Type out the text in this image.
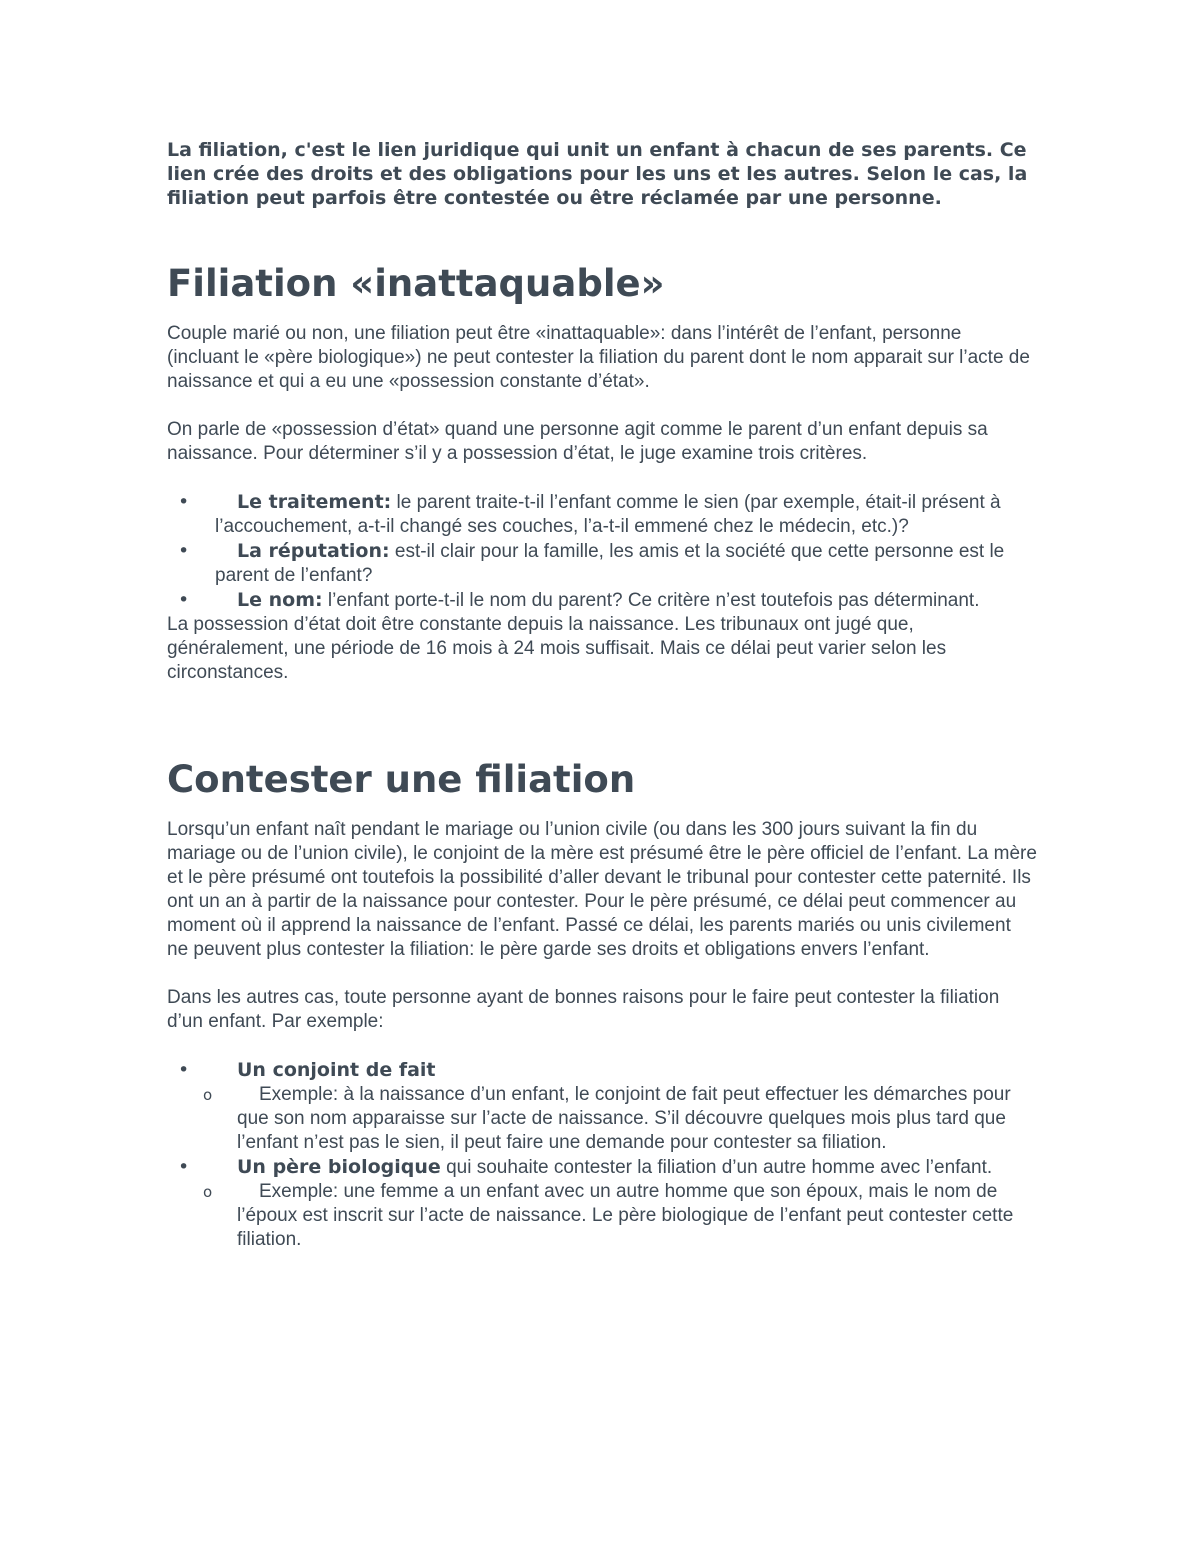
La filiation, c'est le lien juridique qui unit un enfant à chacun de ses parents. Ce lien crée des droits et des obligations pour les uns et les autres. Selon le cas, la filiation peut parfois être contestée ou être réclamée par une personne.

Filiation «inattaquable»

Couple marié ou non, une filiation peut être «inattaquable»: dans l’intérêt de l’enfant, personne (incluant le «père biologique») ne peut contester la filiation du parent dont le nom apparait sur l’acte de naissance et qui a eu une «possession constante d’état».

On parle de «possession d’état» quand une personne agit comme le parent d’un enfant depuis sa naissance. Pour déterminer s’il y a possession d’état, le juge examine trois critères.

•	Le traitement: le parent traite-t-il l’enfant comme le sien (par exemple, était-il présent à l’accouchement, a-t-il changé ses couches, l’a-t-il emmené chez le médecin, etc.)?
•	La réputation: est-il clair pour la famille, les amis et la société que cette personne est le parent de l’enfant?
•	Le nom: l’enfant porte-t-il le nom du parent? Ce critère n’est toutefois pas déterminant.

La possession d’état doit être constante depuis la naissance. Les tribunaux ont jugé que, généralement, une période de 16 mois à 24 mois suffisait. Mais ce délai peut varier selon les circonstances.

Contester une filiation

Lorsqu’un enfant naît pendant le mariage ou l’union civile (ou dans les 300 jours suivant la fin du mariage ou de l’union civile), le conjoint de la mère est présumé être le père officiel de l’enfant. La mère et le père présumé ont toutefois la possibilité d’aller devant le tribunal pour contester cette paternité. Ils ont un an à partir de la naissance pour contester. Pour le père présumé, ce délai peut commencer au moment où il apprend la naissance de l’enfant. Passé ce délai, les parents mariés ou unis civilement ne peuvent plus contester la filiation: le père garde ses droits et obligations envers l’enfant.

Dans les autres cas, toute personne ayant de bonnes raisons pour le faire peut contester la filiation d’un enfant. Par exemple:

•	Un conjoint de fait
o Exemple: à la naissance d’un enfant, le conjoint de fait peut effectuer les démarches pour que son nom apparaisse sur l’acte de naissance. S’il découvre quelques mois plus tard que l’enfant n’est pas le sien, il peut faire une demande pour contester sa filiation.
•	Un père biologique qui souhaite contester la filiation d’un autre homme avec l’enfant.
o Exemple: une femme a un enfant avec un autre homme que son époux, mais le nom de l’époux est inscrit sur l’acte de naissance. Le père biologique de l’enfant peut contester cette filiation.
